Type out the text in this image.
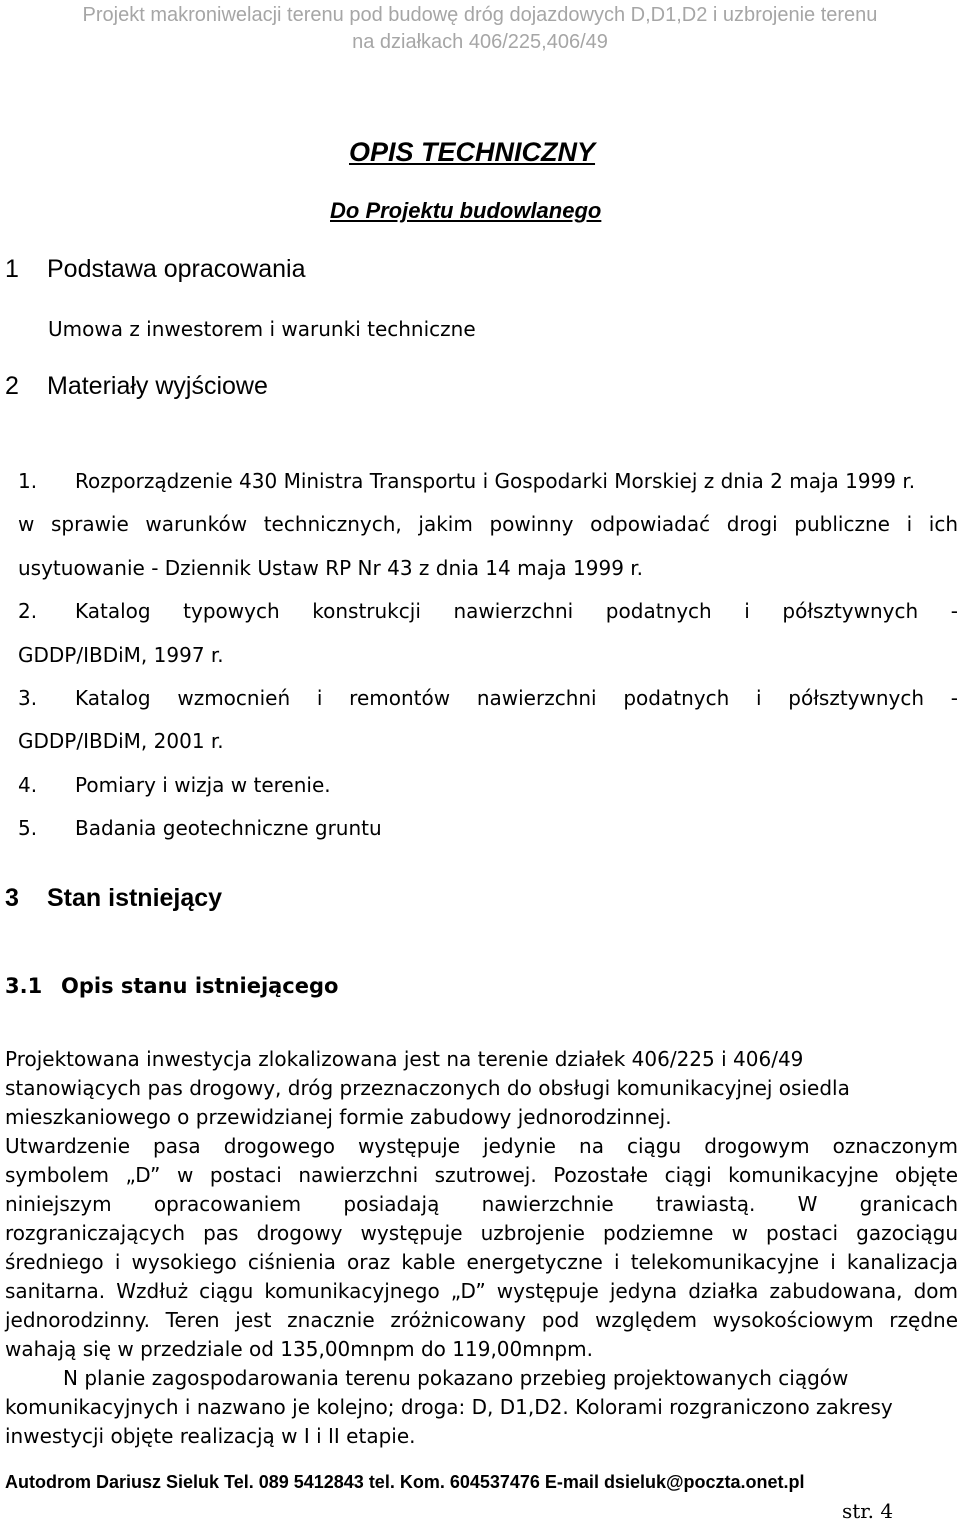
Projekt makroniwelacji terenu pod budowę dróg dojazdowych D,D1,D2 i uzbrojenie terenu
na działkach 406/225,406/49
OPIS TECHNICZNY
Do Projektu budowlanego
1 Podstawa opracowania
Umowa z inwestorem i warunki techniczne
2 Materiały wyjściowe
1. Rozporządzenie 430 Ministra Transportu i Gospodarki Morskiej z dnia 2 maja 1999 r.
w sprawie warunków technicznych, jakim powinny odpowiadać drogi publiczne i ich
usytuowanie - Dziennik Ustaw RP Nr 43 z dnia 14 maja 1999 r.
2. Katalog typowych konstrukcji nawierzchni podatnych i półsztywnych -
GDDP/IBDiM, 1997 r.
3. Katalog wzmocnień i remontów nawierzchni podatnych i półsztywnych -
GDDP/IBDiM, 2001 r.
4. Pomiary i wizja w terenie.
5. Badania geotechniczne gruntu
3 Stan istniejący
3.1 Opis stanu istniejącego
Projektowana inwestycja zlokalizowana jest na terenie działek 406/225 i 406/49
stanowiących pas drogowy, dróg przeznaczonych do obsługi komunikacyjnej osiedla
mieszkaniowego o przewidzianej formie zabudowy jednorodzinnej.
Utwardzenie pasa drogowego występuje jedynie na ciągu drogowym oznaczonym
symbolem „D” w postaci nawierzchni szutrowej. Pozostałe ciągi komunikacyjne objęte
niniejszym opracowaniem posiadają nawierzchnie trawiastą. W granicach
rozgraniczających pas drogowy występuje uzbrojenie podziemne w postaci gazociągu
średniego i wysokiego ciśnienia oraz kable energetyczne i telekomunikacyjne i kanalizacja
sanitarna. Wzdłuż ciągu komunikacyjnego „D” występuje jedyna działka zabudowana, dom
jednorodzinny. Teren jest znacznie zróżnicowany pod względem wysokościowym rzędne
wahają się w przedziale od 135,00mnpm do 119,00mnpm.
N planie zagospodarowania terenu pokazano przebieg projektowanych ciągów
komunikacyjnych i nazwano je kolejno; droga: D, D1,D2. Kolorami rozgraniczono zakresy
inwestycji objęte realizacją w I i II etapie.
Autodrom Dariusz Sieluk Tel. 089 5412843 tel. Kom. 604537476 E-mail dsieluk@poczta.onet.pl
str. 4
